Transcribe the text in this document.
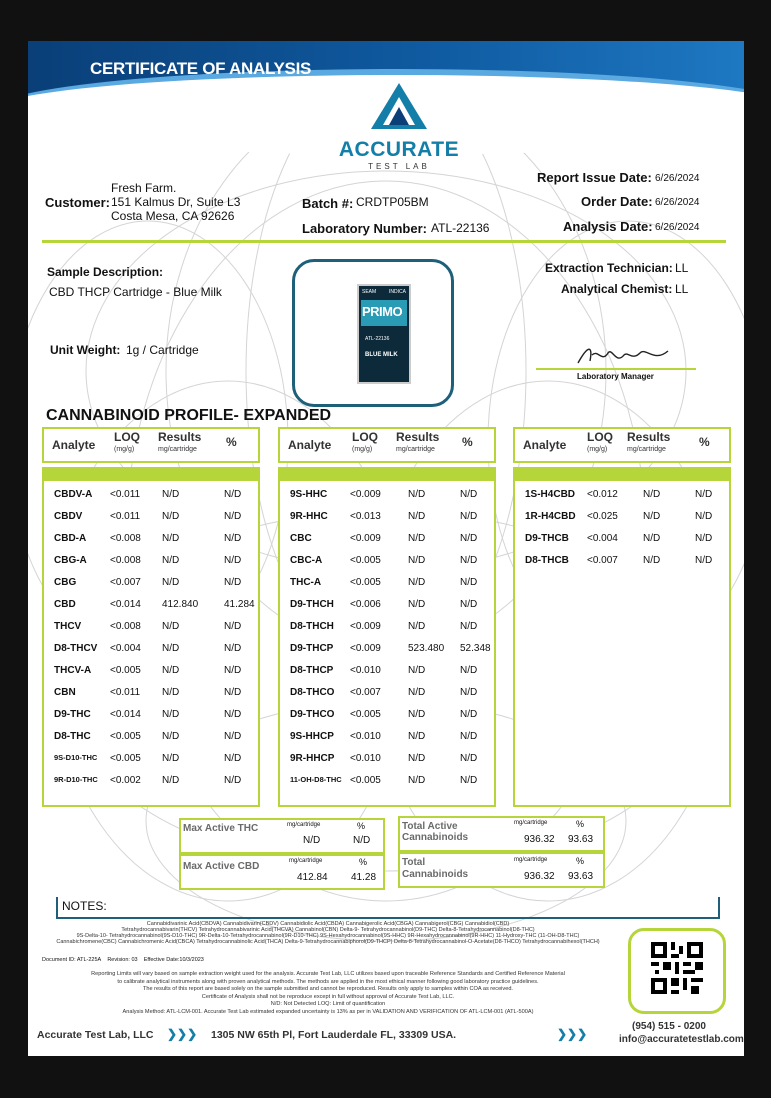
CERTIFICATE OF ANALYSIS
ACCURATE
TEST LAB
Customer:
Fresh Farm.
151 Kalmus Dr, Suite L3
Costa Mesa, CA 92626
Batch #: CRDTP05BM
Laboratory Number: ATL-22136
Report Issue Date: 6/26/2024
Order Date: 6/26/2024
Analysis Date: 6/26/2024
Sample Description:
CBD THCP Cartridge - Blue Milk
Unit Weight: 1g / Cartridge
SEAM	INDICA
PRIMO
ATL-22136
BLUE MILK
Extraction Technician: LL
Analytical Chemist: LL
Laboratory Manager
CANNABINOID PROFILE- EXPANDED
Max Active THC	mg/cartridge	%
N/D	N/D
Max Active CBD	mg/cartridge	%
412.84 41.28
Total Active
Cannabinoids
mg/cartridge	%
936.32 93.63
Total
Cannabinoids
mg/cartridge	%
936.32 93.63
NOTES:
Cannabidivarinic Acid(CBDVA) Cannabidivarin(CBDV) Cannabidiolic Acid(CBDA) Cannabigerolic Acid(CBGA) Cannabigerol(CBG) Cannabidiol(CBD)
Tetrahydrocannabivarin(THCV) Tetrahydrocannabivarinic Acid(THCVA) Cannabinol(CBN) Delta-9- Tetrahydrocannabinol(D9-THC) Delta-8-Tetrahydrocannabinol(D8-THC)
9S-Delta-10- Tetrahydrocannabinol(9S-D10-THC) 9R-Delta-10-Tetrahydrocannabinol(9R-D10-THC) 9S-Hexahydrocannabinol(9S-HHC) 9R-Hexahydrocannabinol(9R-HHC) 11-Hydroxy-THC (11-OH-D8-THC)
Cannabichromene(CBC) Cannabichromenic Acid(CBCA) Tetrahydrocannabinolic Acid(THCA) Delta-9-Tetrahydrocannabiphorol(D9-THCP) Delta-8-Tetrahydrocannabinol-O-Acetate(D8-THCO) Tetrahydrocannabihexol(THCH)
Document ID: ATL-225A Revision: 03 Effective Date:10/3/2023
Reporting Limits will vary based on sample extraction weight used for the analysis. Accurate Test Lab, LLC utilizes based upon traceable Reference Standards and Certified Reference Material
to calibrate analytical instruments along with proven analytical methods. The methods are applied in the most ethical manner following good laboratory practice guidelines.
The results of this report are based solely on the sample submitted and cannot be reproduced. Results only apply to samples within COA as received.
Certificate of Analysis shall not be reproduce except in full without approval of Accurate Test Lab, LLC.
N/D: Not Detected LOQ: Limit of quantification
Analysis Method: ATL-LCM-001. Accurate Test Lab estimated expanded uncertainty is 13% as per in VALIDATION AND VERIFICATION OF ATL-LCM-001 (ATL-500A)
Accurate Test Lab, LLC ❯❯❯ 1305 NW 65th Pl, Fort Lauderdale FL, 33309 USA.	❯❯❯
(954) 515 - 0200
info@accuratetestlab.com
Analyte
LOQ
(mg/g)
Results
mg/cartridge
%
CBDV-A <0.011 N/D	N/D
CBDV	<0.011 N/D	N/D
CBD-A <0.008 N/D	N/D
CBG-A <0.008 N/D	N/D
CBG	<0.007 N/D	N/D
CBD	<0.014 412.840	41.284
THCV	<0.008 N/D	N/D
D8-THCV <0.004 N/D	N/D
THCV-A <0.005 N/D	N/D
CBN	<0.011 N/D	N/D
D9-THC <0.014 N/D	N/D
D8-THC <0.005 N/D	N/D
9S-D10-THC <0.005 N/D	N/D
9R-D10-THC <0.002 N/D	N/D
Analyte
LOQ
(mg/g)
Results
mg/cartridge
%
9S-HHC <0.009	N/D	N/D
9R-HHC <0.013	N/D	N/D
CBC	<0.009	N/D	N/D
CBC-A	<0.005	N/D	N/D
THC-A	<0.005	N/D	N/D
D9-THCH <0.006	N/D	N/D
D8-THCH <0.009	N/D	N/D
D9-THCP <0.009	523.480 52.348
D8-THCP <0.010	N/D	N/D
D8-THCO <0.007	N/D	N/D
D9-THCO <0.005	N/D	N/D
9S-HHCP <0.010	N/D	N/D
9R-HHCP <0.010	N/D	N/D
11-OH-D8-THC <0.005	N/D	N/D
Analyte
LOQ
(mg/g)
Results
mg/cartridge
%
1S-H4CBD <0.012	N/D	N/D
1R-H4CBD <0.025	N/D	N/D
D9-THCB <0.004	N/D	N/D
D8-THCB <0.007	N/D	N/D
